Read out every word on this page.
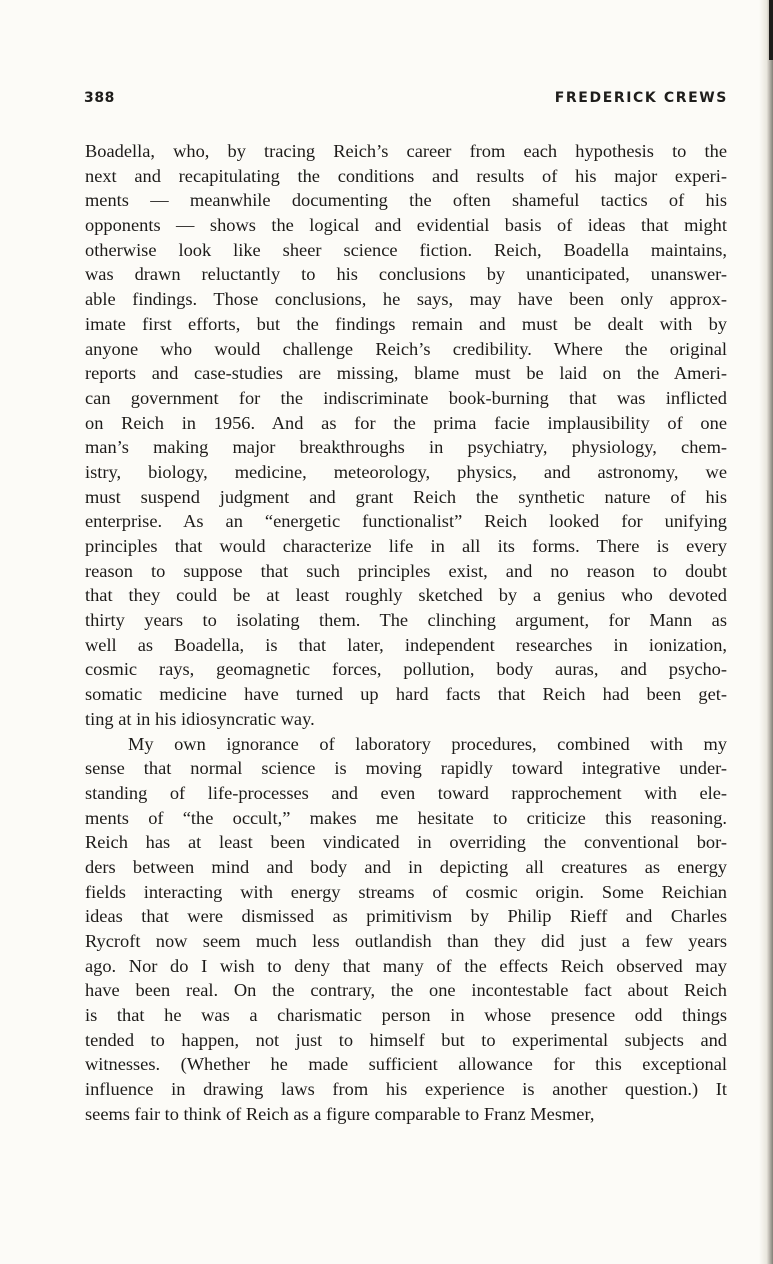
388	FREDERICK CREWS
Boadella, who, by tracing Reich’s career from each hypothesis to the
next and recapitulating the conditions and results of his major experi-
ments — meanwhile documenting the often shameful tactics of his
opponents — shows the logical and evidential basis of ideas that might
otherwise look like sheer science fiction. Reich, Boadella maintains,
was drawn reluctantly to his conclusions by unanticipated, unanswer-
able findings. Those conclusions, he says, may have been only approx-
imate first efforts, but the findings remain and must be dealt with by
anyone who would challenge Reich’s credibility. Where the original
reports and case-studies are missing, blame must be laid on the Ameri-
can government for the indiscriminate book-burning that was inflicted
on Reich in 1956. And as for the prima facie implausibility of one
man’s making major breakthroughs in psychiatry, physiology, chem-
istry, biology, medicine, meteorology, physics, and astronomy, we
must suspend judgment and grant Reich the synthetic nature of his
enterprise. As an “energetic functionalist” Reich looked for unifying
principles that would characterize life in all its forms. There is every
reason to suppose that such principles exist, and no reason to doubt
that they could be at least roughly sketched by a genius who devoted
thirty years to isolating them. The clinching argument, for Mann as
well as Boadella, is that later, independent researches in ionization,
cosmic rays, geomagnetic forces, pollution, body auras, and psycho-
somatic medicine have turned up hard facts that Reich had been get-
ting at in his idiosyncratic way.
My own ignorance of laboratory procedures, combined with my
sense that normal science is moving rapidly toward integrative under-
standing of life-processes and even toward rapprochement with ele-
ments of “the occult,” makes me hesitate to criticize this reasoning.
Reich has at least been vindicated in overriding the conventional bor-
ders between mind and body and in depicting all creatures as energy
fields interacting with energy streams of cosmic origin. Some Reichian
ideas that were dismissed as primitivism by Philip Rieff and Charles
Rycroft now seem much less outlandish than they did just a few years
ago. Nor do I wish to deny that many of the effects Reich observed may
have been real. On the contrary, the one incontestable fact about Reich
is that he was a charismatic person in whose presence odd things
tended to happen, not just to himself but to experimental subjects and
witnesses. (Whether he made sufficient allowance for this exceptional
influence in drawing laws from his experience is another question.) It
seems fair to think of Reich as a figure comparable to Franz Mesmer,
